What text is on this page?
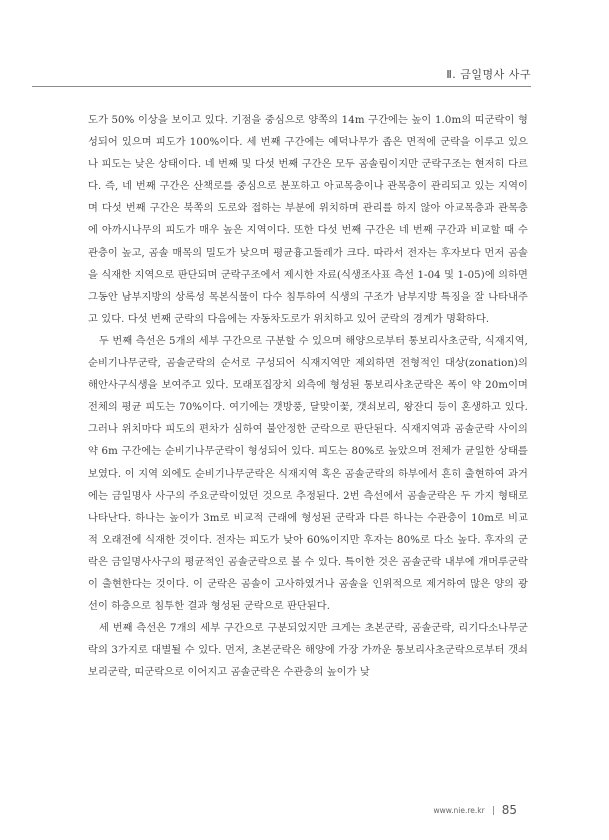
Ⅱ. 금일명사 사구

도가 50% 이상을 보이고 있다. 기점을 중심으로 양쪽의 14m 구간에는 높이 1.0m의 띠군락이 형성되어 있으며 피도가 100%이다. 세 번째 구간에는 예덕나무가 좁은 면적에 군락을 이루고 있으나 피도는 낮은 상태이다. 네 번째 및 다섯 번째 구간은 모두 곰솔림이지만 군락구조는 현저히 다르다. 즉, 네 번째 구간은 산책로를 중심으로 분포하고 아교목층이나 관목층이 관리되고 있는 지역이며 다섯 번째 구간은 북쪽의 도로와 접하는 부분에 위치하며 관리를 하지 않아 아교목층과 관목층에 아까시나무의 피도가 매우 높은 지역이다. 또한 다섯 번째 구간은 네 번째 구간과 비교할 때 수관층이 높고, 곰솔 매목의 밀도가 낮으며 평균흉고둘레가 크다. 따라서 전자는 후자보다 먼저 곰솔을 식재한 지역으로 판단되며 군락구조에서 제시한 자료(식생조사표 측선 1-04 및 1-05)에 의하면 그동안 남부지방의 상록성 목본식물이 다수 침투하여 식생의 구조가 남부지방 특징을 잘 나타내주고 있다. 다섯 번째 군락의 다음에는 자동차도로가 위치하고 있어 군락의 경계가 명확하다.

두 번째 측선은 5개의 세부 구간으로 구분할 수 있으며 해양으로부터 통보리사초군락, 식재지역, 순비기나무군락, 곰솔군락의 순서로 구성되어 식재지역만 제외하면 전형적인 대상(zonation)의 해안사구식생을 보여주고 있다. 모래포집장치 외측에 형성된 통보리사초군락은 폭이 약 20m이며 전체의 평균 피도는 70%이다. 여기에는 갯방풍, 달맞이꽃, 갯쇠보리, 왕잔디 등이 혼생하고 있다. 그러나 위치마다 피도의 편차가 심하여 불안정한 군락으로 판단된다. 식재지역과 곰솔군락 사이의 약 6m 구간에는 순비기나무군락이 형성되어 있다. 피도는 80%로 높았으며 전체가 균일한 상태를 보였다. 이 지역 외에도 순비기나무군락은 식재지역 혹은 곰솔군락의 하부에서 흔히 출현하여 과거에는 금일명사 사구의 주요군락이었던 것으로 추정된다. 2번 측선에서 곰솔군락은 두 가지 형태로 나타난다. 하나는 높이가 3m로 비교적 근래에 형성된 군락과 다른 하나는 수관층이 10m로 비교적 오래전에 식재한 것이다. 전자는 피도가 낮아 60%이지만 후자는 80%로 다소 높다. 후자의 군락은 금일명사사구의 평균적인 곰솔군락으로 볼 수 있다. 특이한 것은 곰솔군락 내부에 개머루군락이 출현한다는 것이다. 이 군락은 곰솔이 고사하였거나 곰솔을 인위적으로 제거하여 많은 양의 광선이 하층으로 침투한 결과 형성된 군락으로 판단된다.

세 번째 측선은 7개의 세부 구간으로 구분되었지만 크게는 초본군락, 곰솔군락, 리기다소나무군락의 3가지로 대별될 수 있다. 먼저, 초본군락은 해양에 가장 가까운 통보리사초군락으로부터 갯쇠보리군락, 띠군락으로 이어지고 곰솔군락은 수관층의 높이가 낮

www.nie.re.kr 85
